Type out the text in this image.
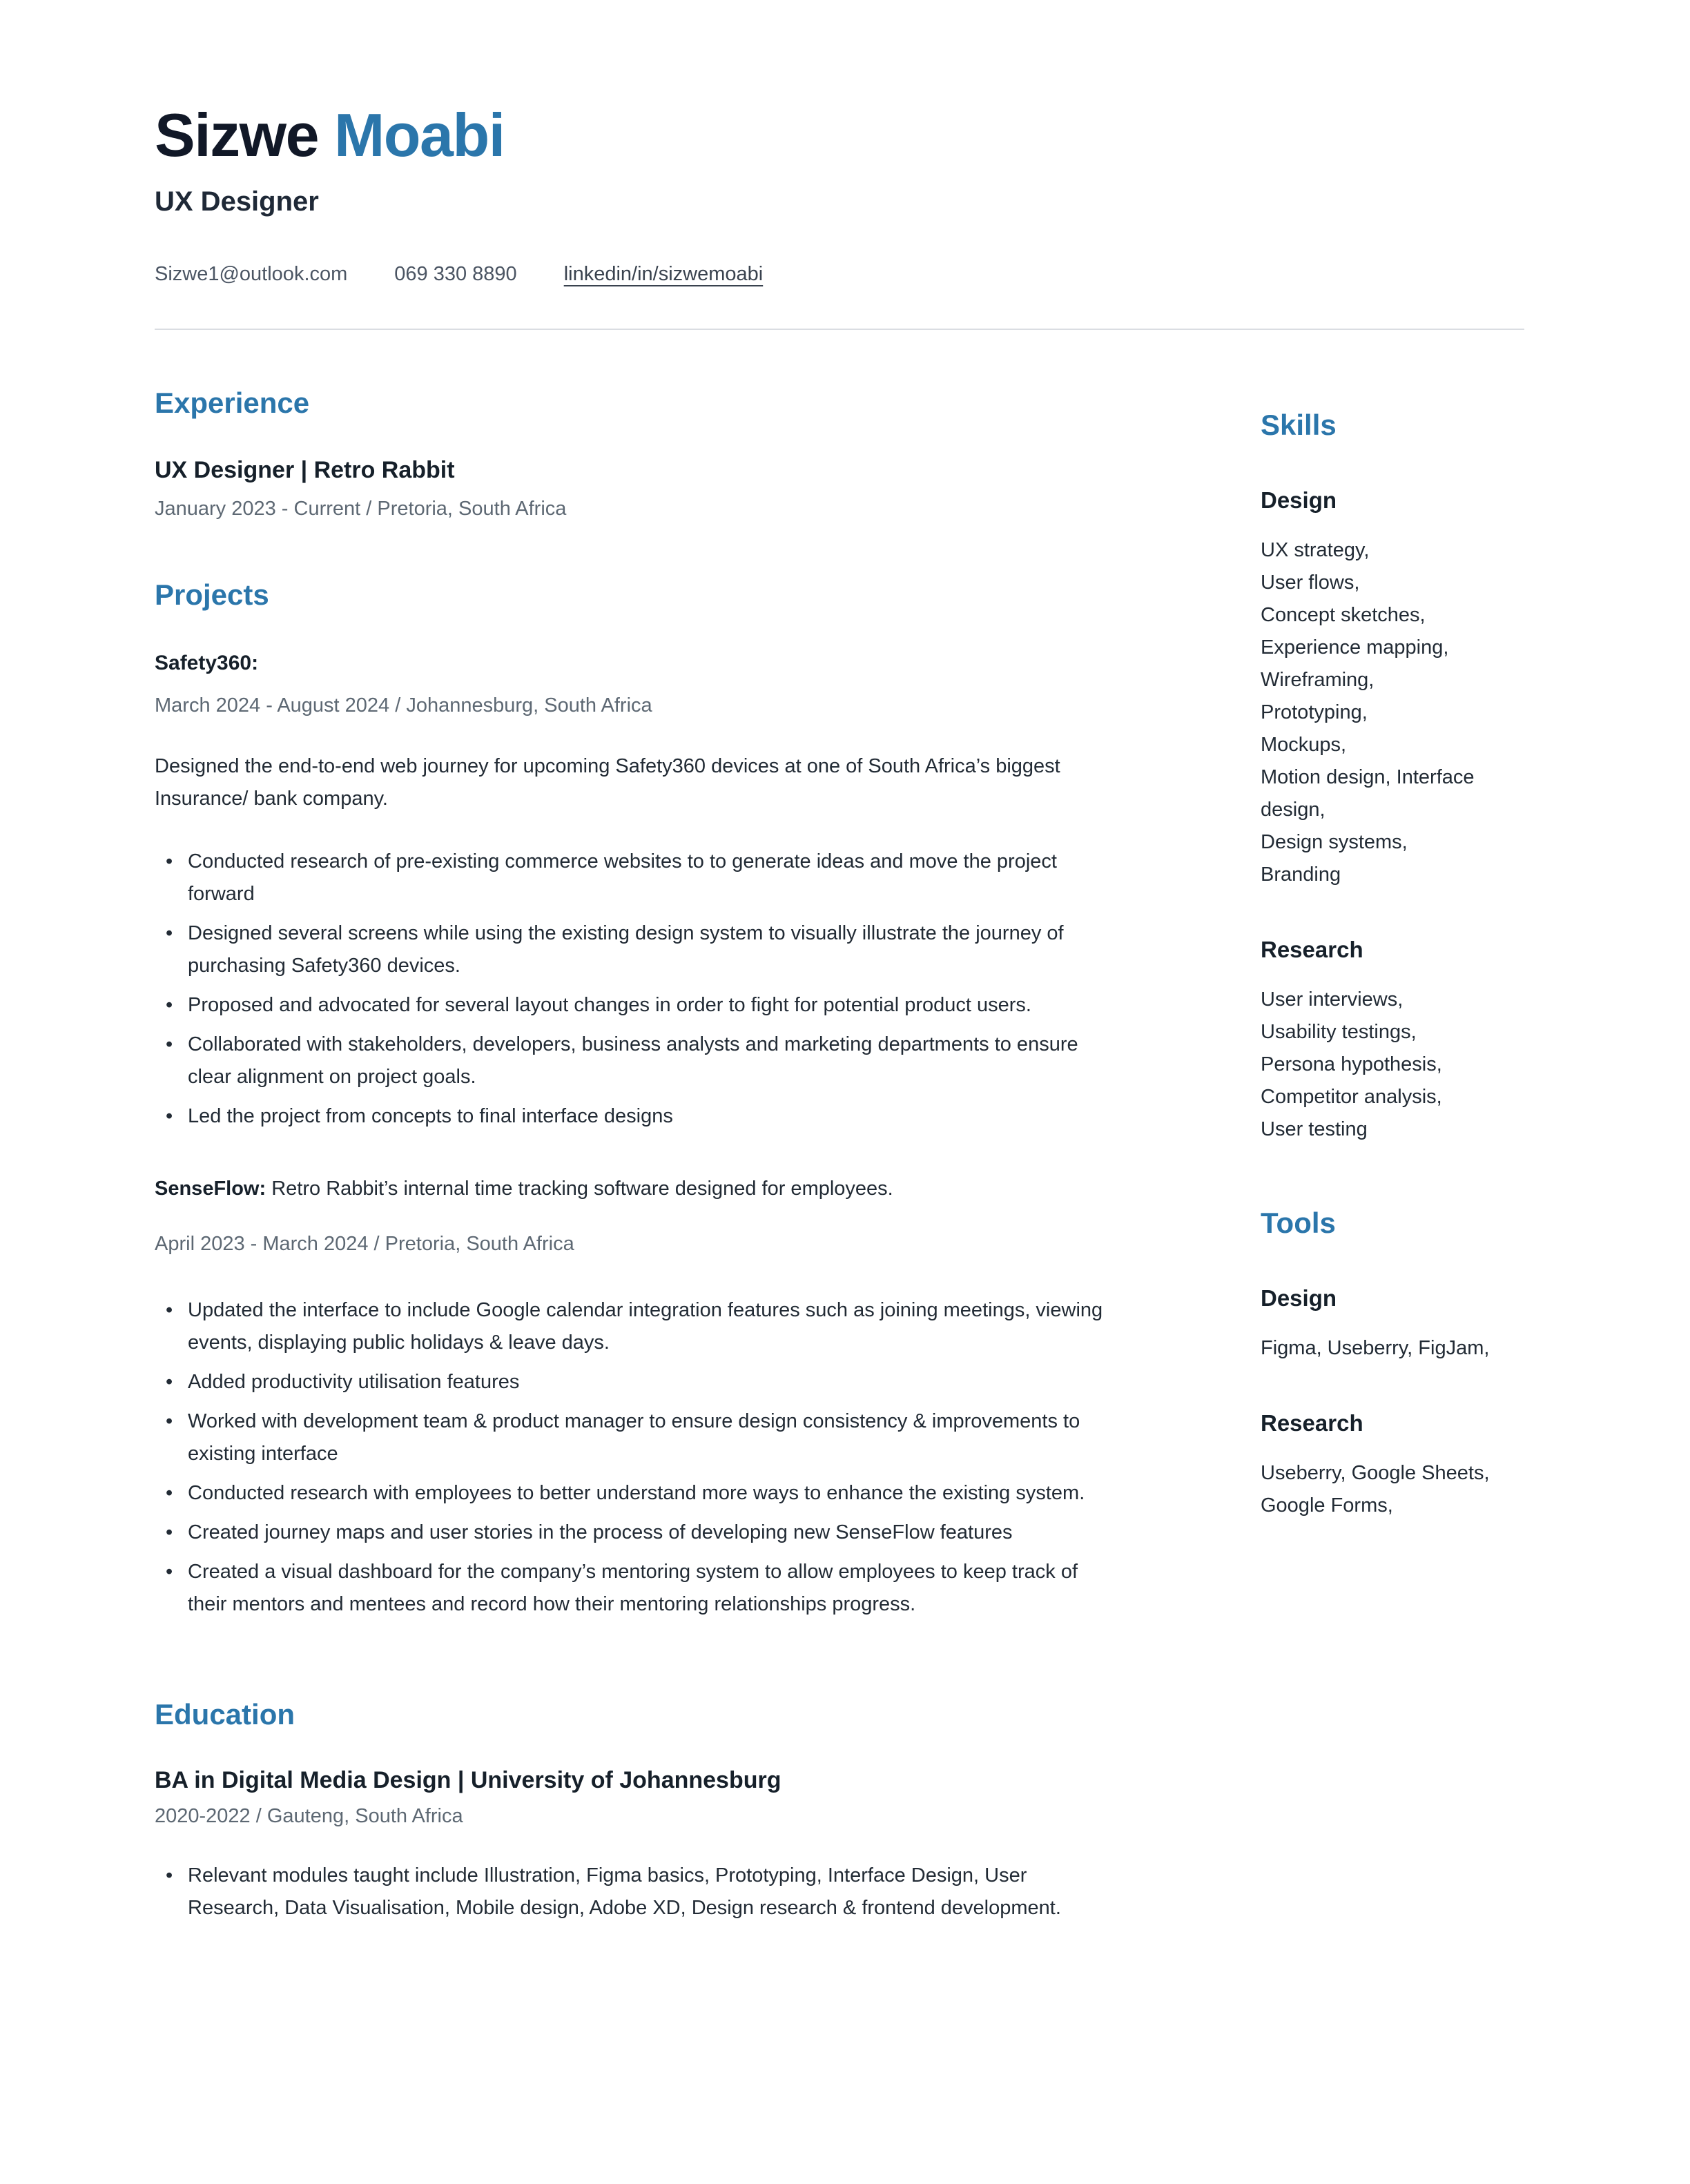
Sizwe Moabi
UX Designer
Sizwe1@outlook.com 069 330 8890 linkedin/in/sizwemoabi
Experience
UX Designer | Retro Rabbit
January 2023 - Current / Pretoria, South Africa
Projects
Safety360:
March 2024 - August 2024 / Johannesburg, South Africa

Designed the end-to-end web journey for upcoming Safety360 devices at one of South Africa’s biggest Insurance/ bank company.

• Conducted research of pre-existing commerce websites to to generate ideas and move the project forward
• Designed several screens while using the existing design system to visually illustrate the journey of purchasing Safety360 devices.
• Proposed and advocated for several layout changes in order to fight for potential product users.
• Collaborated with stakeholders, developers, business analysts and marketing departments to ensure clear alignment on project goals.
• Led the project from concepts to final interface designs

SenseFlow: Retro Rabbit’s internal time tracking software designed for employees.

April 2023 - March 2024 / Pretoria, South Africa
• Updated the interface to include Google calendar integration features such as joining meetings, viewing events, displaying public holidays & leave days.
• Added productivity utilisation features
• Worked with development team & product manager to ensure design consistency & improvements to existing interface
• Conducted research with employees to better understand more ways to enhance the existing system.
• Created journey maps and user stories in the process of developing new SenseFlow features
• Created a visual dashboard for the company’s mentoring system to allow employees to keep track of their mentors and mentees and record how their mentoring relationships progress.
Education
BA in Digital Media Design | University of Johannesburg
2020-2022 / Gauteng, South Africa
• Relevant modules taught include Illustration, Figma basics, Prototyping, Interface Design, User Research, Data Visualisation, Mobile design, Adobe XD, Design research & frontend development.
Skills
Design
UX strategy,
User flows,
Concept sketches,
Experience mapping,
Wireframing,
Prototyping,
Mockups,
Motion design, Interface design,
Design systems,
Branding
Research
User interviews,
Usability testings,
Persona hypothesis,
Competitor analysis,
User testing
Tools
Design

Figma, Useberry, FigJam,

Research

Useberry, Google Sheets, Google Forms,
